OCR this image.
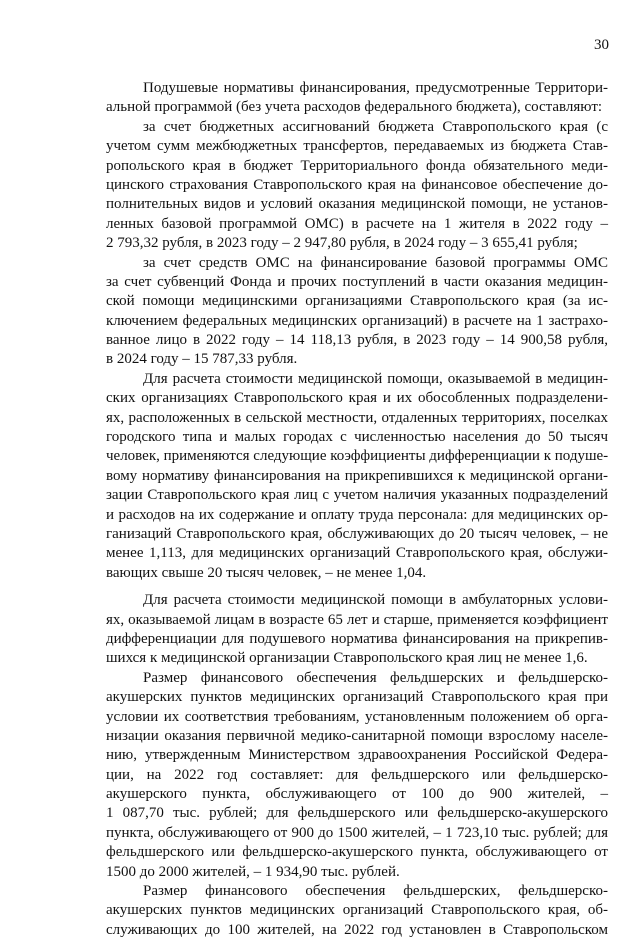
30
Подушевые нормативы финансирования, предусмотренные Территори-
альной программой (без учета расходов федерального бюджета), составляют:
за счет бюджетных ассигнований бюджета Ставропольского края (с
учетом сумм межбюджетных трансфертов, передаваемых из бюджета Став-
ропольского края в бюджет Территориального фонда обязательного меди-
цинского страхования Ставропольского края на финансовое обеспечение до-
полнительных видов и условий оказания медицинской помощи, не установ-
ленных базовой программой ОМС) в расчете на 1 жителя в 2022 году –
2 793,32 рубля, в 2023 году – 2 947,80 рубля, в 2024 году – 3 655,41 рубля;
за счет средств ОМС на финансирование базовой программы ОМС
за счет субвенций Фонда и прочих поступлений в части оказания медицин-
ской помощи медицинскими организациями Ставропольского края (за ис-
ключением федеральных медицинских организаций) в расчете на 1 застрахо-
ванное лицо в 2022 году – 14 118,13 рубля, в 2023 году – 14 900,58 рубля,
в 2024 году – 15 787,33 рубля.
Для расчета стоимости медицинской помощи, оказываемой в медицин-
ских организациях Ставропольского края и их обособленных подразделени-
ях, расположенных в сельской местности, отдаленных территориях, поселках
городского типа и малых городах с численностью населения до 50 тысяч
человек, применяются следующие коэффициенты дифференциации к подуше-
вому нормативу финансирования на прикрепившихся к медицинской органи-
зации Ставропольского края лиц с учетом наличия указанных подразделений
и расходов на их содержание и оплату труда персонала: для медицинских ор-
ганизаций Ставропольского края, обслуживающих до 20 тысяч человек, – не
менее 1,113, для медицинских организаций Ставропольского края, обслужи-
вающих свыше 20 тысяч человек, – не менее 1,04.
Для расчета стоимости медицинской помощи в амбулаторных услови-
ях, оказываемой лицам в возрасте 65 лет и старше, применяется коэффициент
дифференциации для подушевого норматива финансирования на прикрепив-
шихся к медицинской организации Ставропольского края лиц не менее 1,6.
Размер финансового обеспечения фельдшерских и фельдшерско-
акушерских пунктов медицинских организаций Ставропольского края при
условии их соответствия требованиям, установленным положением об орга-
низации оказания первичной медико-санитарной помощи взрослому населе-
нию, утвержденным Министерством здравоохранения Российской Федера-
ции, на 2022 год составляет: для фельдшерского или фельдшерско-
акушерского пункта, обслуживающего от 100 до 900 жителей, –
1 087,70 тыс. рублей; для фельдшерского или фельдшерско-акушерского
пункта, обслуживающего от 900 до 1500 жителей, – 1 723,10 тыс. рублей; для
фельдшерского или фельдшерско-акушерского пункта, обслуживающего от
1500 до 2000 жителей, – 1 934,90 тыс. рублей.
Размер финансового обеспечения фельдшерских, фельдшерско-
акушерских пунктов медицинских организаций Ставропольского края, об-
служивающих до 100 жителей, на 2022 год установлен в Ставропольском
